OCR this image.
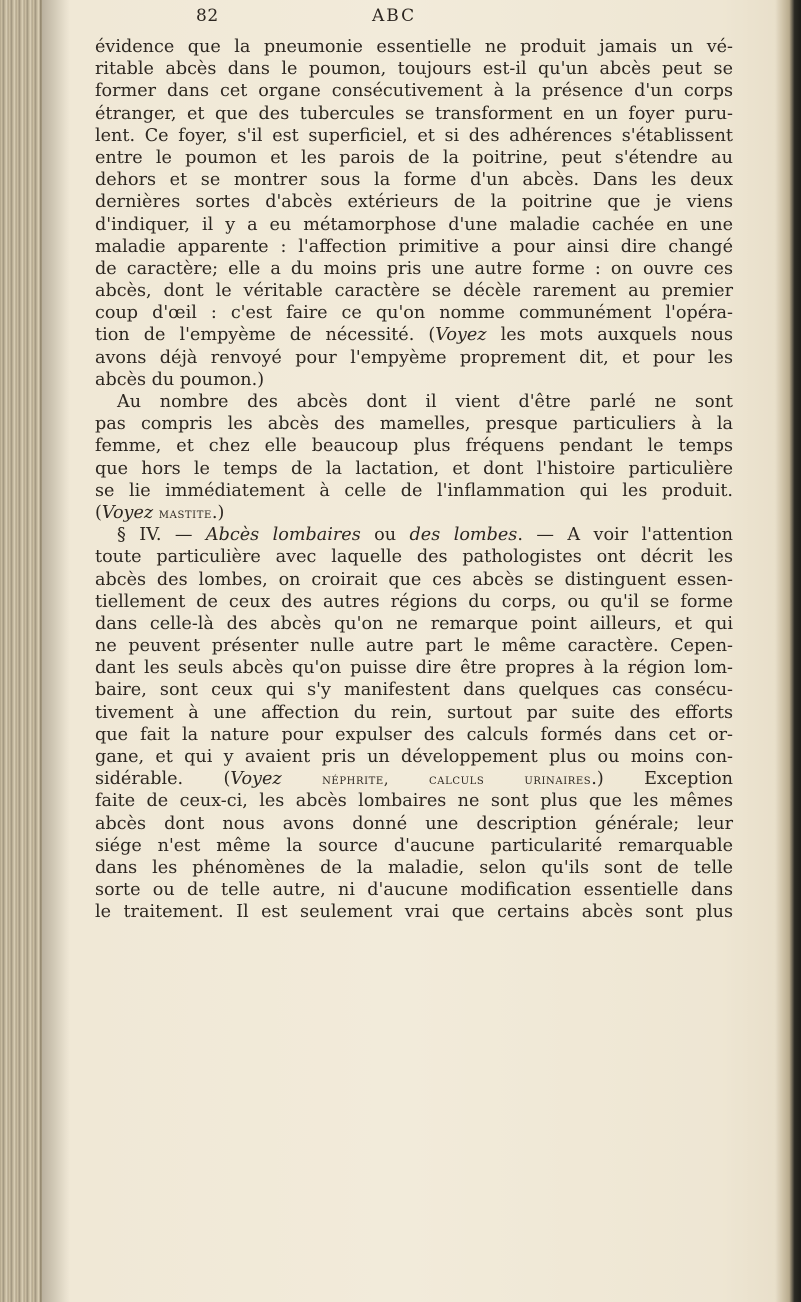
82	ABC
évidence que la pneumonie essentielle ne produit jamais un vé-
ritable abcès dans le poumon, toujours est-il qu'un abcès peut se
former dans cet organe consécutivement à la présence d'un corps
étranger, et que des tubercules se transforment en un foyer puru-
lent. Ce foyer, s'il est superficiel, et si des adhérences s'établissent
entre le poumon et les parois de la poitrine, peut s'étendre au
dehors et se montrer sous la forme d'un abcès. Dans les deux
dernières sortes d'abcès extérieurs de la poitrine que je viens
d'indiquer, il y a eu métamorphose d'une maladie cachée en une
maladie apparente : l'affection primitive a pour ainsi dire changé
de caractère; elle a du moins pris une autre forme : on ouvre ces
abcès, dont le véritable caractère se décèle rarement au premier
coup d'œil : c'est faire ce qu'on nomme communément l'opéra-
tion de l'empyème de nécessité. (Voyez les mots auxquels nous
avons déjà renvoyé pour l'empyème proprement dit, et pour les
abcès du poumon.)
Au nombre des abcès dont il vient d'être parlé ne sont
pas compris les abcès des mamelles, presque particuliers à la
femme, et chez elle beaucoup plus fréquens pendant le temps
que hors le temps de la lactation, et dont l'histoire particulière
se lie immédiatement à celle de l'inflammation qui les produit.
(Voyez mastite.)
§ IV. — Abcès lombaires ou des lombes. — A voir l'attention
toute particulière avec laquelle des pathologistes ont décrit les
abcès des lombes, on croirait que ces abcès se distinguent essen-
tiellement de ceux des autres régions du corps, ou qu'il se forme
dans celle-là des abcès qu'on ne remarque point ailleurs, et qui
ne peuvent présenter nulle autre part le même caractère. Cepen-
dant les seuls abcès qu'on puisse dire être propres à la région lom-
baire, sont ceux qui s'y manifestent dans quelques cas consécu-
tivement à une affection du rein, surtout par suite des efforts
que fait la nature pour expulser des calculs formés dans cet or-
gane, et qui y avaient pris un développement plus ou moins con-
sidérable. (Voyez	néphrite, calculs urinaires.) Exception
faite de ceux-ci, les abcès lombaires ne sont plus que les mêmes
abcès dont nous avons donné une description générale; leur
siége n'est même la source d'aucune particularité remarquable
dans les phénomènes de la maladie, selon qu'ils sont de telle
sorte ou de telle autre, ni d'aucune modification essentielle dans
le traitement. Il est seulement vrai que certains abcès sont plus
